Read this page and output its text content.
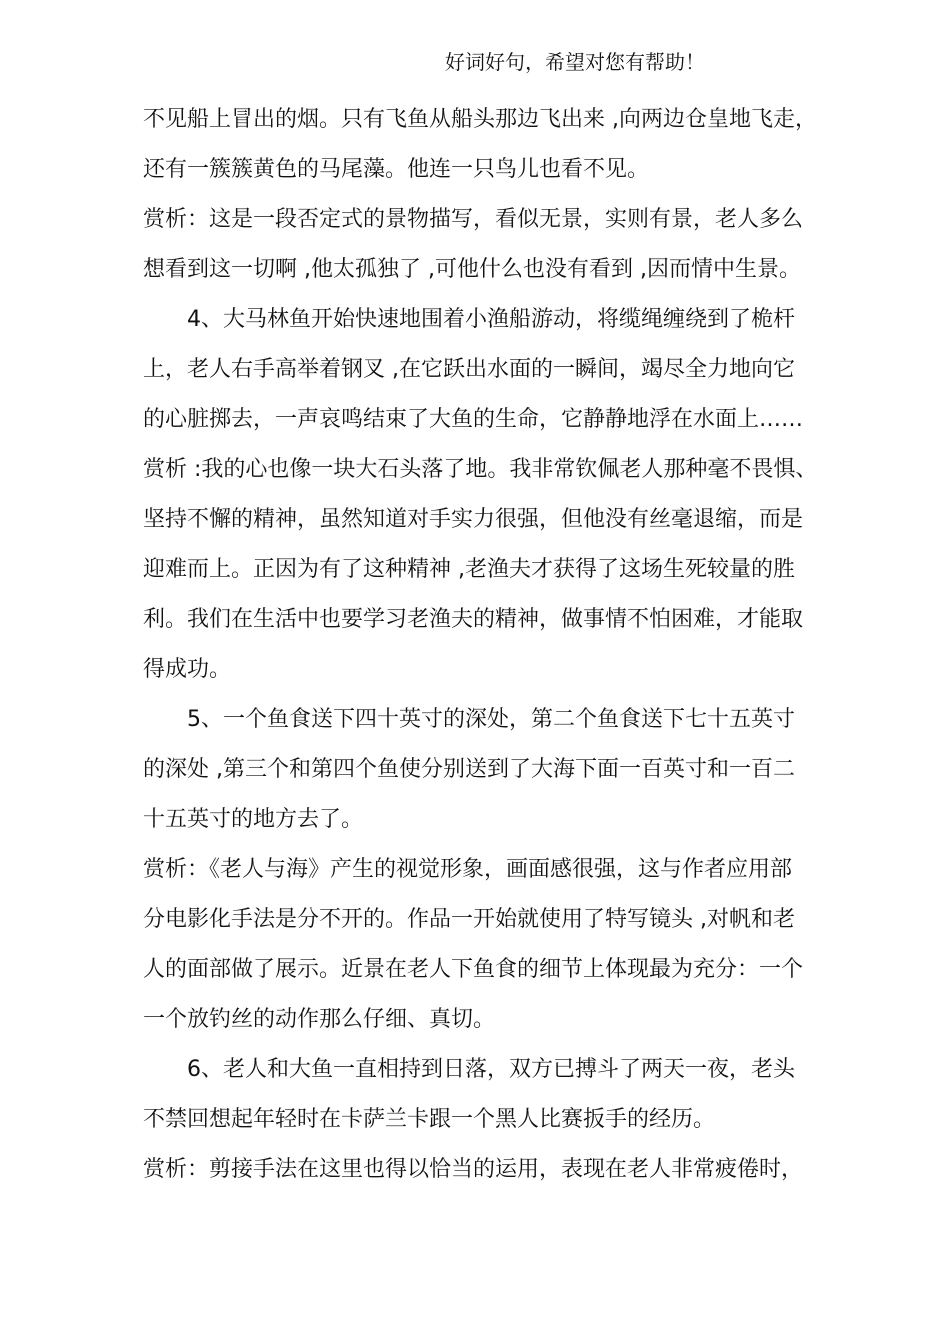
好词好句，希望对您有帮助！
不见船上冒出的烟。只有飞鱼从船头那边飞出来 ,向两边仓皇地飞走，
还有一簇簇黄色的马尾藻。他连一只鸟儿也看不见。
赏析：这是一段否定式的景物描写，看似无景，实则有景，老人多么
想看到这一切啊 ,他太孤独了 ,可他什么也没有看到 ,因而情中生景。
　　4、大马林鱼开始快速地围着小渔船游动，将缆绳缠绕到了桅杆
上，老人右手高举着钢叉 ,在它跃出水面的一瞬间，竭尽全力地向它
的心脏掷去，一声哀鸣结束了大鱼的生命，它静静地浮在水面上……
赏析 :我的心也像一块大石头落了地。我非常钦佩老人那种毫不畏惧、
坚持不懈的精神，虽然知道对手实力很强，但他没有丝毫退缩，而是
迎难而上。正因为有了这种精神 ,老渔夫才获得了这场生死较量的胜
利。我们在生活中也要学习老渔夫的精神，做事情不怕困难，才能取
得成功。
　　5、一个鱼食送下四十英寸的深处，第二个鱼食送下七十五英寸
的深处 ,第三个和第四个鱼使分别送到了大海下面一百英寸和一百二
十五英寸的地方去了。
赏析：《老人与海》产生的视觉形象，画面感很强，这与作者应用部
分电影化手法是分不开的。作品一开始就使用了特写镜头 ,对帆和老
人的面部做了展示。近景在老人下鱼食的细节上体现最为充分：一个
一个放钓丝的动作那么仔细、真切。
　　6、老人和大鱼一直相持到日落，双方已搏斗了两天一夜，老头
不禁回想起年轻时在卡萨兰卡跟一个黑人比赛扳手的经历。
赏析：剪接手法在这里也得以恰当的运用，表现在老人非常疲倦时，
